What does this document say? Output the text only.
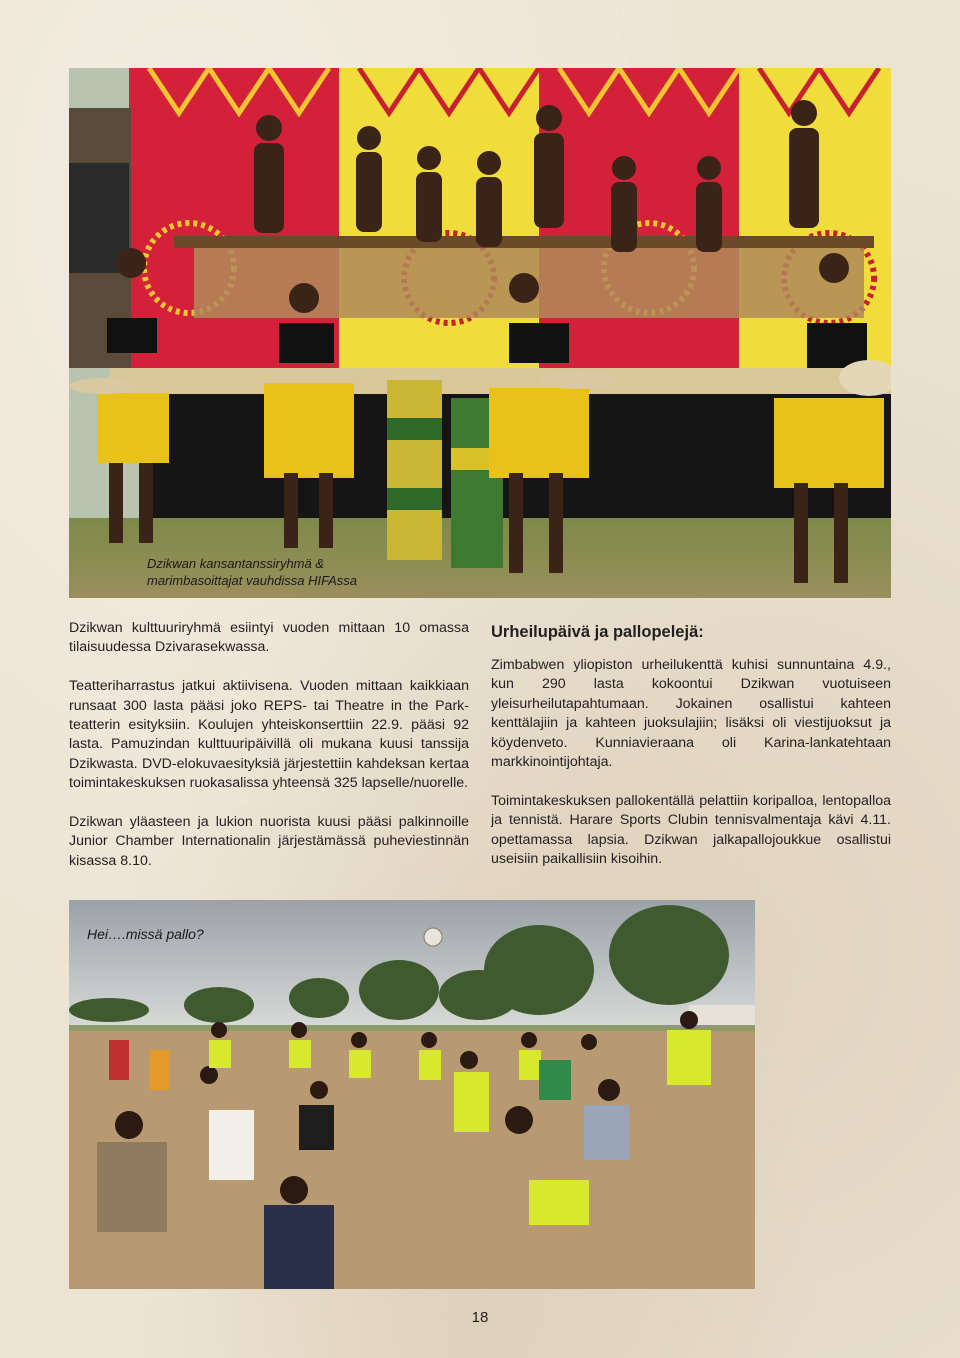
Dzikwan kansantanssiryhmä &
marimbasoittajat vauhdissa HIFAssa

Dzikwan kulttuuriryhmä esiintyi vuoden mittaan 10 omassa tilaisuudessa Dzivarasekwassa.

Teatteriharrastus jatkui aktiivisena. Vuoden mittaan kaikkiaan runsaat 300 lasta pääsi joko REPS- tai Theatre in the Park-teatterin esityksiin. Koulujen yhteiskonserttiin 22.9. pääsi 92 lasta. Pamuzindan kulttuuripäivillä oli mukana kuusi tanssija Dzikwasta. DVD-elokuvaesityksiä järjestettiin kahdeksan kertaa toimintakeskuksen ruokasalissa yhteensä 325 lapselle/nuorelle.

Dzikwan yläasteen ja lukion nuorista kuusi pääsi palkinnoille Junior Chamber Internationalin järjestämässä puheviestinnän kisassa 8.10.

Urheilupäivä ja pallopelejä:

Zimbabwen yliopiston urheilukenttä kuhisi sunnuntaina 4.9., kun 290 lasta kokoontui Dzikwan vuotuiseen yleisurheilutapahtumaan. Jokainen osallistui kahteen kenttälajiin ja kahteen juoksulajiin; lisäksi oli viestijuoksut ja köydenveto. Kunniavieraana oli Karina-lankatehtaan markkinointijohtaja.

Toimintakeskuksen pallokentällä pelattiin koripalloa, lentopalloa ja tennistä. Harare Sports Clubin tennisvalmentaja kävi 4.11. opettamassa lapsia. Dzikwan jalkapallojoukkue osallistui useisiin paikallisiin kisoihin.

Hei….missä pallo?
18
